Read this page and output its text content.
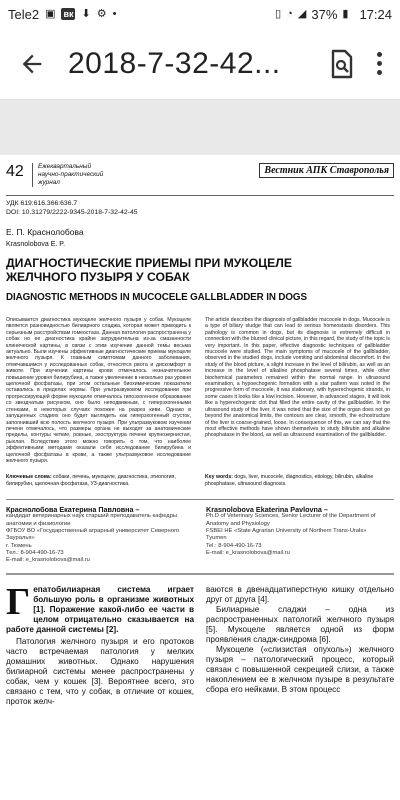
Tele2 ▣ вк ⬇ ⚙ •	▯ ◔ ◢ 37% ▮ 17:24
2018-7-32-42...
42	Ежеквартальный
научно-практический
журнал
Вестник АПК Ставрополья
УДК 619:616.366:636.7
DOI: 10.31279/2222-9345-2018-7-32-42-45
Е. П. Краснолобова
Krasnolobova E. P.
ДИАГНОСТИЧЕСКИЕ ПРИЕМЫ ПРИ МУКОЦЕЛЕ ЖЕЛЧНОГО ПУЗЫРЯ У СОБАК
DIAGNOSTIC METHODS IN MUCOCELE GALLBLADDER IN DOGS
Описывается диагностика мукоцеле желчного пузыря у собак. Мукоцеле является разновидностью билиарного сладжа, которая может приводить к серьезным расстройствам гомеостаза. Данная патология распространена у собак но ее диагностика крайне затруднительна из-за смазанности клинической картины, в связи с этим изучение данной темы весьма актуально. Были изучены эффективные диагностические приемы мукоцеле желчного пузыря. К главным симптомам данного заболевания, отмечавшимся у исследованных собак, относятся рвота и дискомфорт в животе. При изучении картины крови отмечалось незначительное повышение уровня билирубина, а также увеличение в несколько раз уровня щелочной фосфатазы, при этом остальные биохимические показатели оставались в пределах нормы. При ультразвуковом исследовании при прогрессирующей форме мукоцеле отмечалось гипоэхогенное образование со звездчатым рисунком, оно было неподвижным, с гиперэхогенными стенками, в некоторых случаях похожее на разрез киви. Однако в запущенных стадиях оно будет выглядеть как гиперэхогенный сгусток, заполнивший всю полость желчного пузыря. При ультразвуковом изучении печени отмечалось, что размеры органа не выходят за анатомические пределы, контуры четкие, ровные, эхоструктура печени крупнозернистая, рыхлая. Вследствие этого можно говорить о том, что наиболее эффективными методами оказали себя исследование билирубина и щелочной фосфатазы в крови, а также ультразвуковое исследование желчного пузыря.
The article describes the diagnosis of gallbladder mucocele in dogs. Mucocele is a type of biliary sludge that can lead to serious homeostasis disorders. This pathology is common in dogs, but its diagnosis is extremely difficult in connection with the blurred clinical picture, in this regard, the study of the topic is very important. In this paper, effective diagnostic techniques of gallbladder mucocele were studied. The main symptoms of mucocele of the gallbladder, observed in the studied dogs, include vomiting and abdominal discomfort. In the study of the blood picture, a slight increase in the level of bilirubin, as well as an increase in the level of alkaline phosphatase several times, while other biochemical parameters remained within the normal range. In ultrasound examination, a hypoechogenic formation with a star pattern was noted in the progressive form of mucocele, it was stationary, with hyperechogenic strands, in some cases it looks like a kiwi incision. However, in advanced stages, it will look like a hyperechogenic clot that filled the entire cavity of the gallbladder. In the ultrasound study of the liver, it was noted that the size of the organ does not go beyond the anatomical limits, the contours are clear, smooth, the echostructure of the liver is coarse-grained, loose. In consequence of this, we can say that the most effective methods have shown themselves to study bilirubin and alkaline phosphatase in the blood, as well as ultrasound examination of the gallbladder.
Ключевые слова: собаки, печень, мукоцеле, диагностика, этиология, билирубин, щелочная фосфатаза, УЗ-диагностика.
Key words: dogs, liver, mucocele, diagnostics, etiology, bilirubin, alkaline phosphatase, ultrasound diagnosis.
Краснолобова Екатерина Павловна –
кандидат ветеринарных наук старший преподаватель кафедры анатомии и физиологии
ФГБОУ ВО «Государственный аграрный университет Северного Зауралья»
г. Тюмень
Тел.: 8-904-490-16-73
E-mail: e_krasnolobova@mail.ru
Krasnolobova Ekaterina Pavlovna –
Ph.D of Veterinary Sciences, Senior Lecturer of the Department of Anatomy and Physiology
FSBEI HE «State Agrarian University of Northern Trans-Urals»
Tyumen
Tel.: 8-904-490-16-73
E-mail: e_krasnolobova@mail.ru
Г епатобилиарная система играет большую роль в организме животных [1]. Поражение какой-либо ее части в целом отрицательно сказывается на работе данной системы [2].
Патология желчного пузыря и его протоков часто встречаемая патология у мелких домашних животных. Однако нарушения билиарной системы менее распространены у собак, чем у кошек [3]. Вероятнее всего, это связано с тем, что у собак, в отличие от кошек, проток желч-
ваются в двенадцатиперстную кишку отдельно друг от друга [4].
Билиарные сладжи – одна из распространенных патологий желчного пузыря [5]. Мукоцеле является одной из форм проявления сладж-синдрома [6].
Мукоцеле («слизистая опухоль») желчного пузыря – патологический процесс, который связан с повышенной секрецией слизи, а также накоплением ее в желчном пузыре в результате сбора его нейками. В этом процесс
